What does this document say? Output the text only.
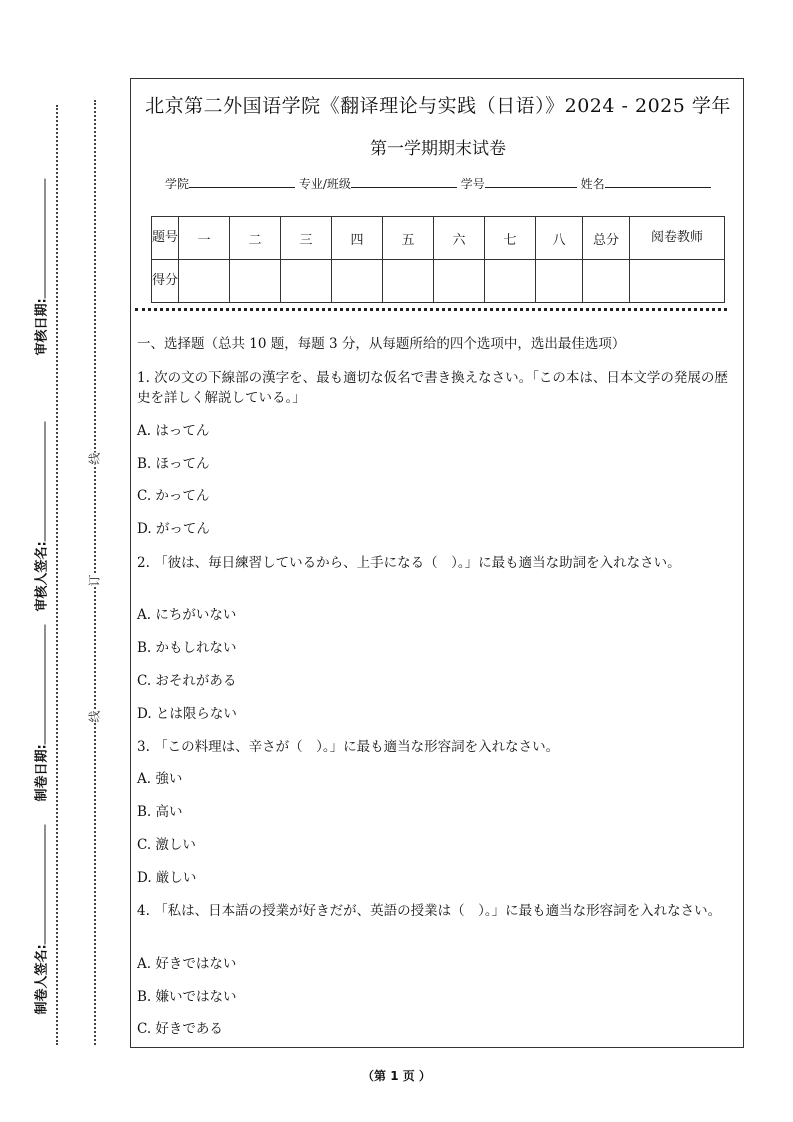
审核日期:
审核人签名:
制卷日期:
制卷人签名:
线
订
线
北京第二外国语学院《翻译理论与实践（日语）》2024 - 2025 学年
第一学期期末试卷
学院	专业/班级	学号	姓名
题号	一	二	三	四	五	六	七	八	总分	阅卷教师
得分										
一、选择题（总共 10 题，每题 3 分，从每题所给的四个选项中，选出最佳选项）
1. 次の文の下線部の漢字を、最も適切な仮名で書き換えなさい。「この本は、日本文学の発展の歴史を詳しく解説している。」
A. はってん
B. ほってん
C. かってん
D. がってん
2. 「彼は、毎日練習しているから、上手になる（　）。」に最も適当な助詞を入れなさい。
A. にちがいない
B. かもしれない
C. おそれがある
D. とは限らない
3. 「この料理は、辛さが（　）。」に最も適当な形容詞を入れなさい。
A. 強い
B. 高い
C. 激しい
D. 厳しい
4. 「私は、日本語の授業が好きだが、英語の授業は（　）。」に最も適当な形容詞を入れなさい。
A. 好きではない
B. 嫌いではない
C. 好きである
（第 1 页 ）
